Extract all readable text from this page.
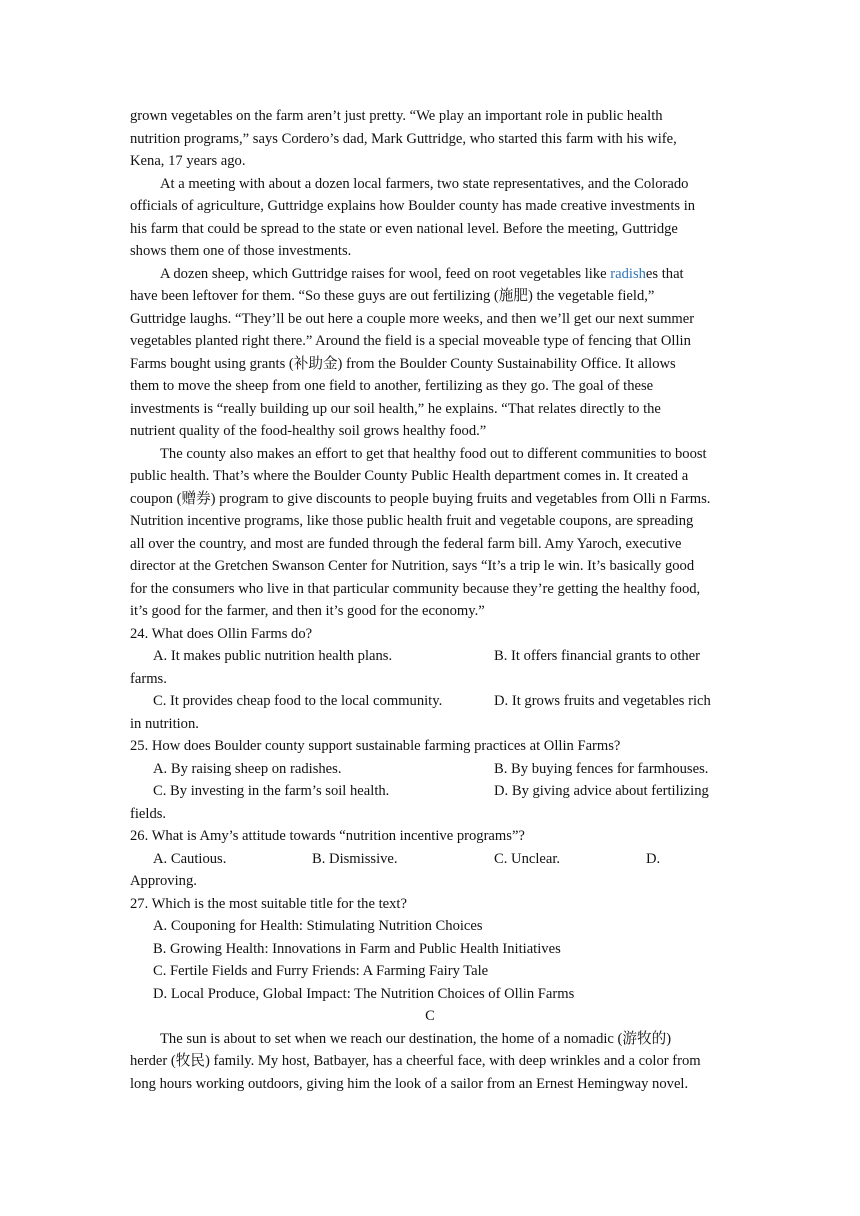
grown vegetables on the farm aren’t just pretty. “We play an important role in public health
nutrition programs,” says Cordero’s dad, Mark Guttridge, who started this farm with his wife,
Kena, 17 years ago.
At a meeting with about a dozen local farmers, two state representatives, and the Colorado
officials of agriculture, Guttridge explains how Boulder county has made creative investments in
his farm that could be spread to the state or even national level. Before the meeting, Guttridge
shows them one of those investments.
A dozen sheep, which Guttridge raises for wool, feed on root vegetables like radishes that
have been leftover for them. “So these guys are out fertilizing (施肥) the vegetable field,”
Guttridge laughs. “They’ll be out here a couple more weeks, and then we’ll get our next summer
vegetables planted right there.” Around the field is a special moveable type of fencing that Ollin
Farms bought using grants (补助金) from the Boulder County Sustainability Office. It allows
them to move the sheep from one field to another, fertilizing as they go. The goal of these
investments is “really building up our soil health,” he explains. “That relates directly to the
nutrient quality of the food-healthy soil grows healthy food.”
The county also makes an effort to get that healthy food out to different communities to boost
public health. That’s where the Boulder County Public Health department comes in. It created a
coupon (赠券) program to give discounts to people buying fruits and vegetables from Olli n Farms.
Nutrition incentive programs, like those public health fruit and vegetable coupons, are spreading
all over the country, and most are funded through the federal farm bill. Amy Yaroch, executive
director at the Gretchen Swanson Center for Nutrition, says “It’s a trip le win. It’s basically good
for the consumers who live in that particular community because they’re getting the healthy food,
it’s good for the farmer, and then it’s good for the economy.”
24. What does Ollin Farms do?
A. It makes public nutrition health plans.	B. It offers financial grants to other
farms.
C. It provides cheap food to the local community.	D. It grows fruits and vegetables rich
in nutrition.
25. How does Boulder county support sustainable farming practices at Ollin Farms?
A. By raising sheep on radishes.	B. By buying fences for farmhouses.
C. By investing in the farm’s soil health.	D. By giving advice about fertilizing
fields.
26. What is Amy’s attitude towards “nutrition incentive programs”?
A. Cautious.	B. Dismissive.	C. Unclear.	D.
Approving.
27. Which is the most suitable title for the text?
A. Couponing for Health: Stimulating Nutrition Choices
B. Growing Health: Innovations in Farm and Public Health Initiatives
C. Fertile Fields and Furry Friends: A Farming Fairy Tale
D. Local Produce, Global Impact: The Nutrition Choices of Ollin Farms
C
The sun is about to set when we reach our destination, the home of a nomadic (游牧的)
herder (牧民) family. My host, Batbayer, has a cheerful face, with deep wrinkles and a color from
long hours working outdoors, giving him the look of a sailor from an Ernest Hemingway novel.
